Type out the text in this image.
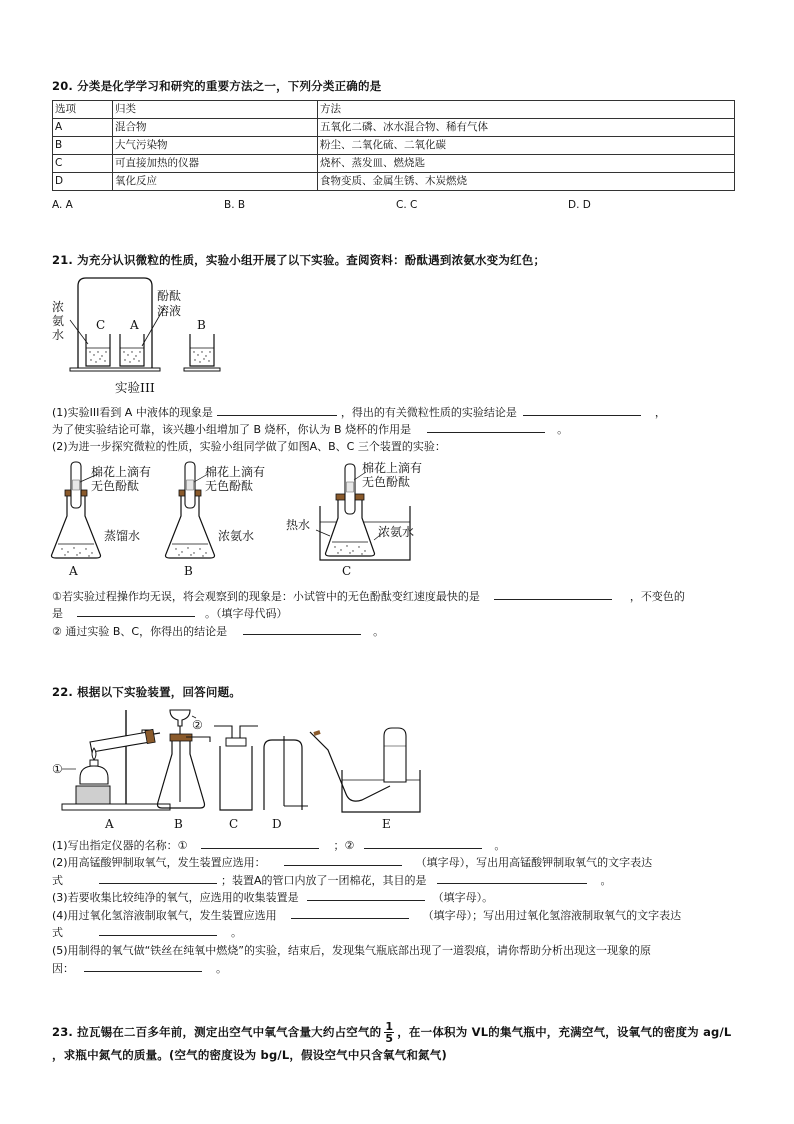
20. 分类是化学学习和研究的重要方法之一，下列分类正确的是
选项	归类	方法
A	混合物	五氧化二磷、冰水混合物、稀有气体
B	大气污染物	粉尘、二氧化硫、二氧化碳
C	可直接加热的仪器	烧杯、蒸发皿、燃烧匙
D	氧化反应	食物变质、金属生锈、木炭燃烧
A. A	B. B	C. C	D. D
21. 为充分认识微粒的性质，实验小组开展了以下实验。查阅资料：酚酞遇到浓氨水变为红色；
浓
氨
水
酚酞
溶液
C A	B
实验III
(1)实验III看到 A 中液体的现象是	，得出的有关微粒性质的实验结论是	，
为了使实验结论可靠，该兴趣小组增加了 B 烧杯，你认为 B 烧杯的作用是	。
(2)为进一步探究微粒的性质，实验小组同学做了如图A、B、C 三个装置的实验：
棉花上滴有
无色酚酞
棉花上滴有
无色酚酞
棉花上滴有
无色酚酞
蒸馏水	浓氨水	浓氨水
热水
A	B	C
①若实验过程操作均无误，将会观察到的现象是：小试管中的无色酚酞变红速度最快的是	，不变色的
是	。（填字母代码）
② 通过实验 B、C，你得出的结论是	。
22. 根据以下实验装置，回答问题。
①
②
A	B	C	D	E
(1)写出指定仪器的名称：①	；②	。
(2)用高锰酸钾制取氧气，发生装置应选用：	（填字母），写出用高锰酸钾制取氧气的文字表达
式	；装置A的管口内放了一团棉花，其目的是	。
(3)若要收集比较纯净的氧气，应选用的收集装置是	（填字母）。
(4)用过氧化氢溶液制取氧气，发生装置应选用	（填字母）；写出用过氧化氢溶液制取氧气的文字表达
式	。
(5)用制得的氧气做“铁丝在纯氧中燃烧”的实验，结束后，发现集气瓶底部出现了一道裂痕，请你帮助分析出现这一现象的原
因：	。
23. 拉瓦锡在二百多年前，测定出空气中氧气含量大约占空气的 $\frac{1}{5}$ ，在一体积为 VL的集气瓶中，充满空气，设氧气的密度为 ag/L
，求瓶中氮气的质量。(空气的密度设为 bg/L，假设空气中只含氧气和氮气)
